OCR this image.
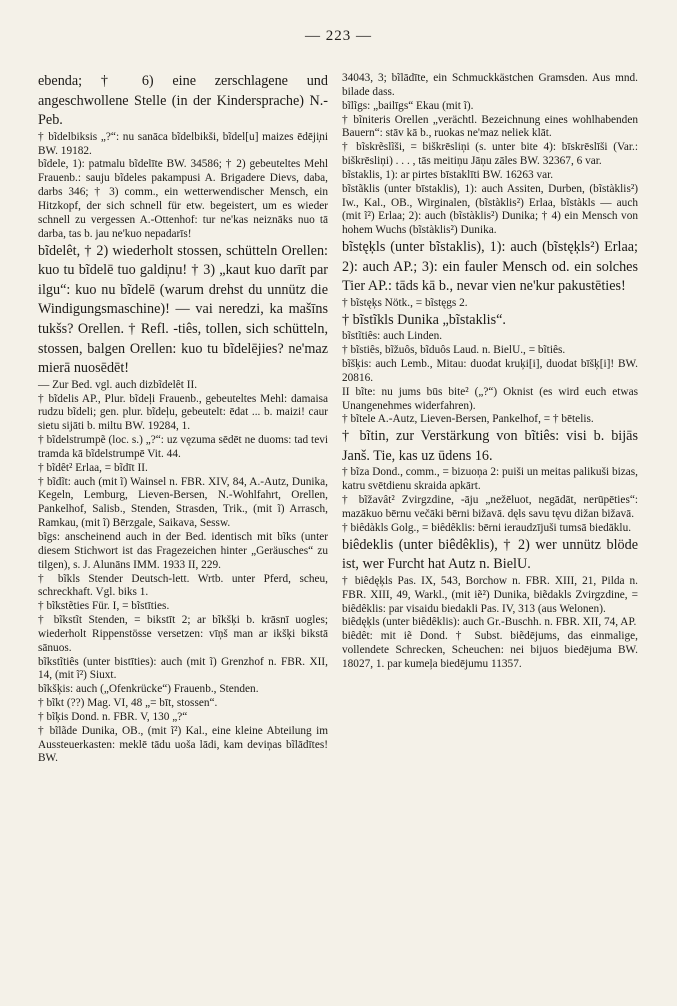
— 223 —

ebenda; † 6) eine zerschlagene und angeschwollene Stelle (in der Kindersprache) N.-Peb.

† bĩdelbiksis „?“: nu sanāca bĩdelbikši, bĩdel[u] maizes ēdēji̦ni BW. 19182.

bĩdele, 1): patmalu bĩdelīte BW. 34586; † 2) gebeuteltes Mehl Frauenb.: sauju bĩdeles pakampusi A. Brigadere Dievs, daba, darbs 346; † 3) comm., ein wetterwendischer Mensch, ein Hitzkopf, der sich schnell für etw. begeistert, um es wieder schnell zu vergessen A.-Ottenhof: tur ne'kas neiznāks nuo tā darba, tas b. jau ne'kuo nepadarīs!

bĩdelêt, † 2) wiederholt stossen, schütteln Orellen: kuo tu bĩdelē tuo galdi̦nu! † 3) „kaut kuo darīt par ilgu“: kuo nu bĩdelē (warum drehst du unnütz die Windigungsmaschine)! — vai neredzi, ka mašīns tukšs? Orellen. † Refl. -tiês, tollen, sich schütteln, stossen, balgen Orellen: kuo tu bĩdelējies? ne'maz mierā nuosēdēt!

— Zur Bed. vgl. auch dizbĩdelêt II.

† bĩdelis AP., Plur. bĩdeļi Frauenb., gebeuteltes Mehl: damaisa rudzu bĩdeli; gen. plur. bĩdeļu, gebeutelt: ēdat ... b. maizi! caur sietu sijāti b. miltu BW. 19284, 1.

† bĩdelstrumpẽ (loc. s.) „?“: uz vęzuma sēdēt ne duoms: tad tevi tramda kā bĩdelstrumpē Vit. 44.

† bĩdêt² Erlaa, = bĩdīt II.

† bĩdĩt: auch (mit ĩ) Wainsel n. FBR. XIV, 84, A.-Autz, Dunika, Kegeln, Lemburg, Lieven-Bersen, N.-Wohlfahrt, Orellen, Pankelhof, Salisb., Stenden, Strasden, Trik., (mit ĩ) Arrasch, Ramkau, (mit ĩ) Bērzgale, Saikava, Sessw.

bĩgs: anscheinend auch in der Bed. identisch mit bĩks (unter diesem Stichwort ist das Fragezeichen hinter „Geräusches“ zu tilgen), s. J. Alunāns IMM. 1933 II, 229.

† bĩkls Stender Deutsch-lett. Wrtb. unter Pferd, scheu, schreckhaft. Vgl. biks 1.

† bĩkstẽties Für. I, = bĩstīties.

† bĩkstĩt Stenden, = bikstīt 2; ar bĩkšķi b. krāsnī uogles; wiederholt Rippenstösse versetzen: vīņš man ar ikšķi bikstā sānuos.

bĩkstĩtiês (unter bistīties): auch (mit ĩ) Grenzhof n. FBR. XII, 14, (mit ĩ²) Siuxt.

bĩkšķis: auch („Ofenkrücke“) Frauenb., Stenden.

† bĩkt (??) Mag. VI, 48 „= bīt, stossen“.

† bĩķis Dond. n. FBR. V, 130 „?“

† bĩlãde Dunika, OB., (mit ĩ²) Kal., eine kleine Abteilung im Aussteuerkasten: meklē tādu uoša lādi, kam deviņas bĩlādītes! BW.

34043, 3; bĩlādīte, ein Schmuckkästchen Gramsden. Aus mnd. bilade dass.

bĩlĩgs: „bailīgs“ Ekau (mit ĩ).

† bĩniteris Orellen „verächtl. Bezeichnung eines wohlhabenden Bauern“: stāv kā b., ruokas ne'maz neliek klāt.

† bĩskrẽslĩši, = biškrēsliņi (s. unter bite 4): bīskrēslīši (Var.: biškrēsliņi) . . . , tās meitiņu Jāņu zāles BW. 32367, 6 var.

bĩstaklis, 1): ar pirtes bīstaklīti BW. 16263 var.

bĩstãklis (unter bīstaklis), 1): auch Assiten, Durben, (bĩstàklis²) Iw., Kal., OB., Wirginalen, (bĩstàklis²) Erlaa, bĩstàkls — auch (mit ĩ²) Erlaa; 2): auch (bĩstàklis²) Dunika; † 4) ein Mensch von hohem Wuchs (bĩstàklis²) Dunika.

bĩstęķls (unter bĩstaklis), 1): auch (bĩstęķls²) Erlaa; 2): auch AP.; 3): ein fauler Mensch od. ein solches Tier AP.: tāds kā b., nevar vien ne'kur pakustēties!

† bĩstęķs Nötk., = bĩstęgs 2.

† bĩstĩkls Dunika „bĩstaklis“.

bĩstĩtiês: auch Linden.

† bĩstiês, bĩžuôs, bĩduôs Laud. n. BielU., = bĩtiês.

bĩšķis: auch Lemb., Mitau: duodat kruķi[i], duodat bīšķ[i]! BW. 20816.

II bĩte: nu jums būs bite² („?“) Oknist (es wird euch etwas Unangenehmes widerfahren).

† bĩtele A.-Autz, Lieven-Bersen, Pankelhof, = † bētelis.

† bĩtin, zur Verstärkung von bĩtiês: visi b. bijās Janš. Tie, kas uz ūdens 16.

† bĩza Dond., comm., = bizuoņa 2: puiši un meitas palikuši bizas, katru svētdienu skraida apkārt.

† bĩžavât² Zvirgzdine, -āju „nežēluot, negādāt, nerūpēties“: mazākuo bērnu večāki bērni bižavā. dęls savu tęvu dižan bižavā.

† biêdàkls Golg., = biêdêklis: bērni ieraudzījuši tumsā biedāklu.

biêdeklis (unter biêdêklis), † 2) wer unnütz blöde ist, wer Furcht hat Autz n. BielU.

† biêdęķls Pas. IX, 543, Borchow n. FBR. XIII, 21, Pilda n. FBR. XIII, 49, Warkl., (mit iẽ²) Dunika, biẽdakls Zvirgzdine, = biêdêklis: par visaidu biedakli Pas. IV, 313 (aus Welonen).

biêdęķls (unter biêdêklis): auch Gr.-Buschh. n. FBR. XII, 74, AP.

biêdêt: mit iẽ Dond. † Subst. biẽdējums, das einmalige, vollendete Schrecken, Scheuchen: nei bijuos biedējuma BW. 18027, 1. par kumeļa biedējumu 11357.
